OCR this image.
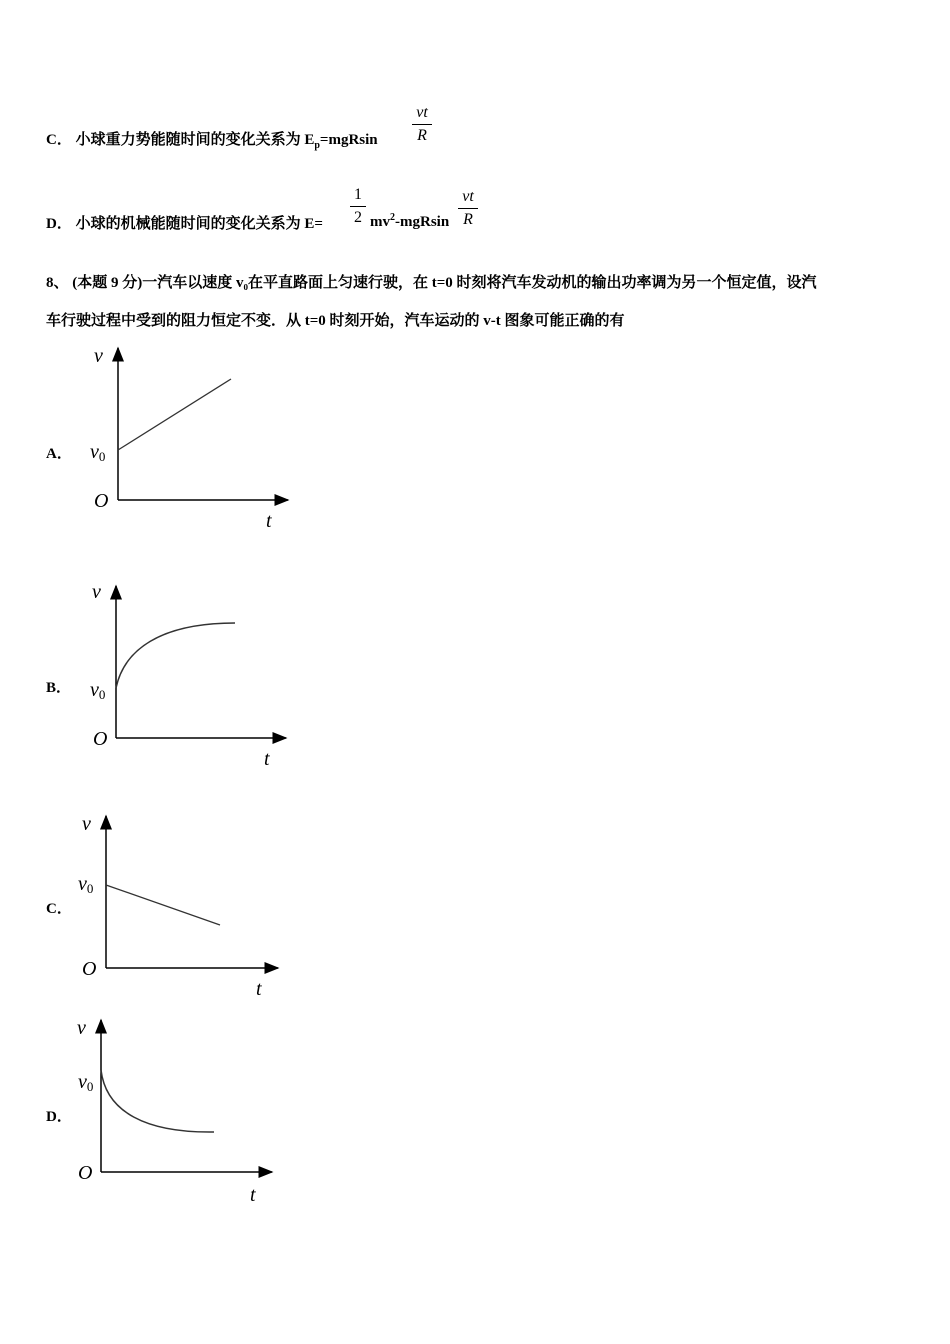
C． 小球重力势能随时间的变化关系为 $E_p=mgRsin$
vt
R
D． 小球的机械能随时间的变化关系为 E=
1
2 $mv^2$-mgRsin
vt
R
8、 (本题 9 分)一汽车以速度 v₀在平直路面上匀速行驶，在 t=0 时刻将汽车发动机的输出功率调为另一个恒定值，设汽
车行驶过程中受到的阻力恒定不变．从 t=0 时刻开始，汽车运动的 v-t 图象可能正确的有
A．
v
v0
O
t
B．
v
v0
O
t
C．
v
v0
O
t
D．
v
v0
O
t
